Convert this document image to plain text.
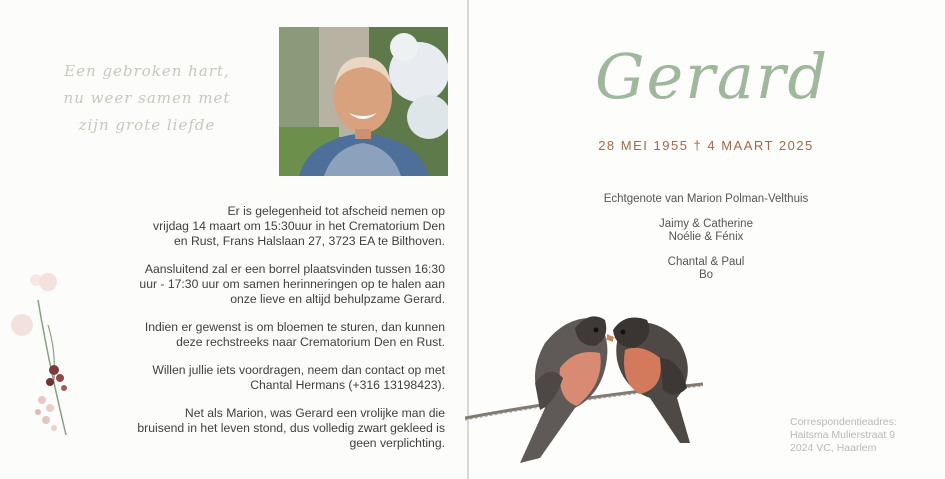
Een gebroken hart,
nu weer samen met
zijn grote liefde

Er is gelegenheid tot afscheid nemen op
vrijdag 14 maart om 15:30uur in het Crematorium Den
en Rust, Frans Halslaan 27, 3723 EA te Bilthoven.

Aansluitend zal er een borrel plaatsvinden tussen 16:30
uur - 17:30 uur om samen herinneringen op te halen aan
onze lieve en altijd behulpzame Gerard.

Indien er gewenst is om bloemen te sturen, dan kunnen
deze rechstreeks naar Crematorium Den en Rust.

Willen jullie iets voordragen, neem dan contact op met
Chantal Hermans (+316 13198423).

Net als Marion, was Gerard een vrolijke man die
bruisend in het leven stond, dus volledig zwart gekleed is
geen verplichting.

Gerard
28 MEI 1955 † 4 MAART 2025
Echtgenote van Marion Polman-Velthuis
Jaimy & Catherine
Noélie & Fénix
Chantal & Paul
Bo
Correspondentieadres:
Haitsma Mulierstraat 9
2024 VC, Haarlem
